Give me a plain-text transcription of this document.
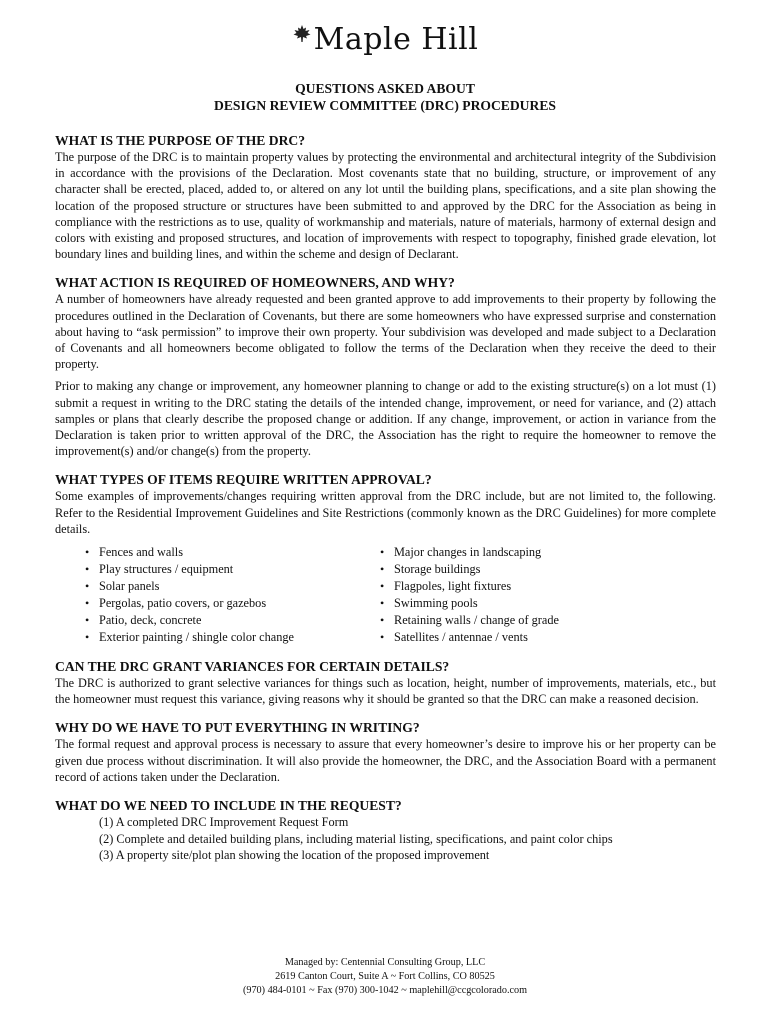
Maple Hill
QUESTIONS ASKED ABOUT
DESIGN REVIEW COMMITTEE (DRC) PROCEDURES
WHAT IS THE PURPOSE OF THE DRC?

The purpose of the DRC is to maintain property values by protecting the environmental and architectural integrity of the Subdivision in accordance with the provisions of the Declaration. Most covenants state that no building, structure, or improvement of any character shall be erected, placed, added to, or altered on any lot until the building plans, specifications, and a site plan showing the location of the proposed structure or structures have been submitted to and approved by the DRC for the Association as being in compliance with the restrictions as to use, quality of workmanship and materials, nature of materials, harmony of external design and colors with existing and proposed structures, and location of improvements with respect to topography, finished grade elevation, lot boundary lines and building lines, and within the scheme and design of Declarant.

WHAT ACTION IS REQUIRED OF HOMEOWNERS, AND WHY?

A number of homeowners have already requested and been granted approve to add improvements to their property by following the procedures outlined in the Declaration of Covenants, but there are some homeowners who have expressed surprise and consternation about having to “ask permission” to improve their own property. Your subdivision was developed and made subject to a Declaration of Covenants and all homeowners become obligated to follow the terms of the Declaration when they receive the deed to their property.

Prior to making any change or improvement, any homeowner planning to change or add to the existing structure(s) on a lot must (1) submit a request in writing to the DRC stating the details of the intended change, improvement, or need for variance, and (2) attach samples or plans that clearly describe the proposed change or addition. If any change, improvement, or action in variance from the Declaration is taken prior to written approval of the DRC, the Association has the right to require the homeowner to remove the improvement(s) and/or change(s) from the property.

WHAT TYPES OF ITEMS REQUIRE WRITTEN APPROVAL?

Some examples of improvements/changes requiring written approval from the DRC include, but are not limited to, the following. Refer to the Residential Improvement Guidelines and Site Restrictions (commonly known as the DRC Guidelines) for more complete details.

• Fences and walls
• Play structures / equipment
• Solar panels
• Pergolas, patio covers, or gazebos
• Patio, deck, concrete
• Exterior painting / shingle color change
• Major changes in landscaping
• Storage buildings
• Flagpoles, light fixtures
• Swimming pools
• Retaining walls / change of grade
• Satellites / antennae / vents
CAN THE DRC GRANT VARIANCES FOR CERTAIN DETAILS?

The DRC is authorized to grant selective variances for things such as location, height, number of improvements, materials, etc., but the homeowner must request this variance, giving reasons why it should be granted so that the DRC can make a reasoned decision.

WHY DO WE HAVE TO PUT EVERYTHING IN WRITING?

The formal request and approval process is necessary to assure that every homeowner’s desire to improve his or her property can be given due process without discrimination. It will also provide the homeowner, the DRC, and the Association Board with a permanent record of actions taken under the Declaration.

WHAT DO WE NEED TO INCLUDE IN THE REQUEST?
(1) A completed DRC Improvement Request Form
(2) Complete and detailed building plans, including material listing, specifications, and paint color chips
(3) A property site/plot plan showing the location of the proposed improvement
Managed by: Centennial Consulting Group, LLC
2619 Canton Court, Suite A ~ Fort Collins, CO 80525
(970) 484-0101 ~ Fax (970) 300-1042 ~ maplehill@ccgcolorado.com
